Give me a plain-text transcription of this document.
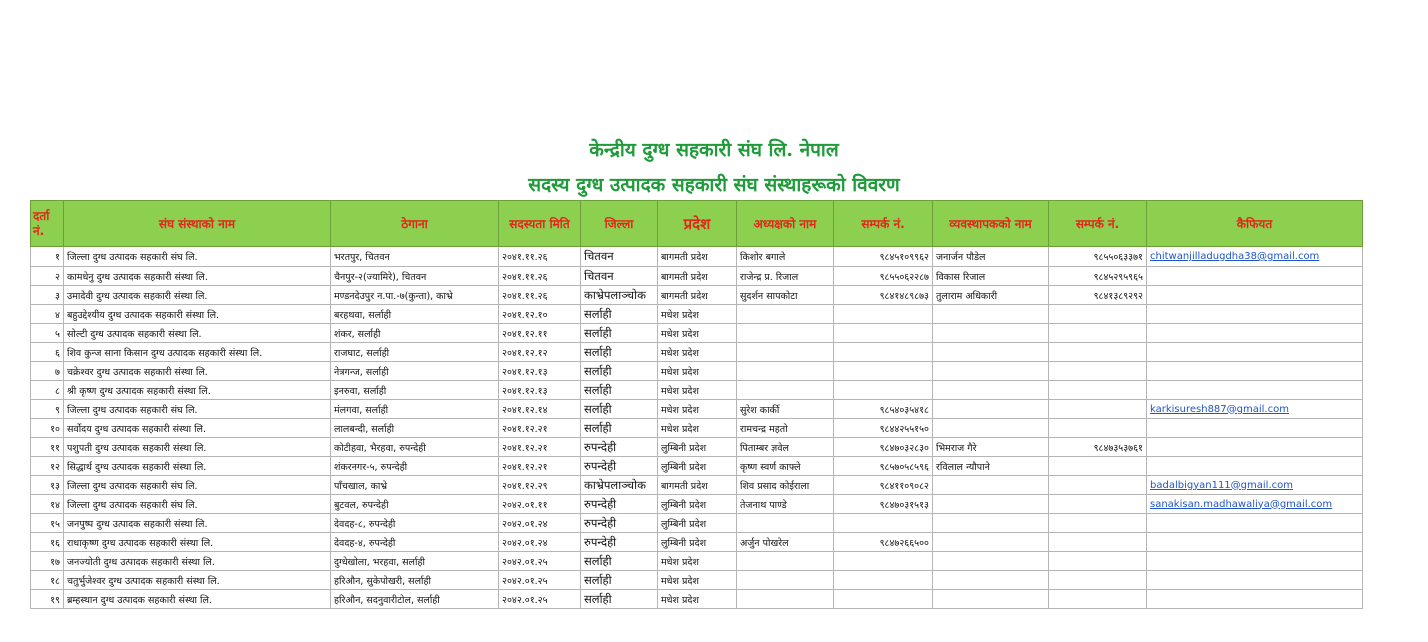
केन्द्रीय दुग्ध सहकारी संघ लि. नेपाल
सदस्य दुग्ध उत्पादक सहकारी संघ संस्थाहरूको विवरण
दर्ता नं.	संघ संस्थाको नाम	ठेगाना	सदस्यता मिति	जिल्ला	प्रदेश	अध्यक्षको नाम	सम्पर्क नं.	व्यवस्थापकको नाम	सम्पर्क नं.	कैफियत
१	जिल्ला दुग्ध उत्पादक सहकारी संघ लि.	भरतपुर, चितवन	२०४१.११.२६	चितवन	बागमती प्रदेश	किशोर बगाले	९८४५१०९९६२	जनार्जन पौडेल	९८५५०६३३७१	chitwanjilladugdha38@gmail.com
२	कामधेनु दुग्ध उत्पादक सहकारी संस्था लि.	चैनपुर-२(ज्यामिरे), चितवन	२०४१.११.२६	चितवन	बागमती प्रदेश	राजेन्द्र प्र. रिजाल	९८५५०६२२८७	विकास रिजाल	९८४५२९५९६५	
३	उमादेवी दुग्ध उत्पादक सहकारी संस्था लि.	मण्डनदेउपुर न.पा.-७(कुन्ता), काभ्रे	२०४१.११.२६	काभ्रेपलाञ्चोक	बागमती प्रदेश	सुदर्शन सापकोटा	९८४१४८९८७३	तुलाराम अधिकारी	९८४१३८९२९२	
४	बहुउद्देश्यीय दुग्ध उत्पादक सहकारी संस्था लि.	बरहथवा, सर्लाही	२०४१.१२.१०	सर्लाही	मधेश प्रदेश					
५	सोल्टी दुग्ध उत्पादक सहकारी संस्था लि.	शंकर, सर्लाही	२०४१.१२.११	सर्लाही	मधेश प्रदेश					
६	शिव कुन्ज साना किसान दुग्ध उत्पादक सहकारी संस्था लि.	राजघाट, सर्लाही	२०४१.१२.१२	सर्लाही	मधेश प्रदेश					
७	चक्रेश्वर दुग्ध उत्पादक सहकारी संस्था लि.	नेत्रगन्ज, सर्लाही	२०४१.१२.१३	सर्लाही	मधेश प्रदेश					
८	श्री कृष्ण दुग्ध उत्पादक सहकारी संस्था लि.	इनरुवा, सर्लाही	२०४१.१२.१३	सर्लाही	मधेश प्रदेश					
९	जिल्ला दुग्ध उत्पादक सहकारी संघ लि.	मंलगवा, सर्लाही	२०४१.१२.१४	सर्लाही	मधेश प्रदेश	सुरेश कार्की	९८५४०३५४१८			karkisuresh887@gmail.com
१०	सर्वोदय दुग्ध उत्पादक सहकारी संस्था लि.	लालबन्दी, सर्लाही	२०४१.१२.२१	सर्लाही	मधेश प्रदेश	रामचन्द्र महतो	९८४४२५५१५०			
११	पशुपती दुग्ध उत्पादक सहकारी संस्था लि.	कोटीहवा, भैरहवा, रुपन्देही	२०४१.१२.२१	रुपन्देही	लुम्बिनी प्रदेश	पिताम्बर ज्ञवेल	९८४७०३२८३०	भिमराज गैरे	९८४७३५३७६१	
१२	सिद्धार्थ दुग्ध उत्पादक सहकारी संस्था लि.	शंकरनगर-५, रुपन्देही	२०४१.१२.२१	रुपन्देही	लुम्बिनी प्रदेश	कृष्ण स्वर्ण काफ्ले	९८५७०५८५९६	रविलाल न्यौपाने		
१३	जिल्ला दुग्ध उत्पादक सहकारी संघ लि.	पाँचखाल, काभ्रे	२०४१.१२.२९	काभ्रेपलाञ्चोक	बागमती प्रदेश	शिव प्रसाद कोईराला	९८४११०९०८२			badalbigyan111@gmail.com
१४	जिल्ला दुग्ध उत्पादक सहकारी संघ लि.	बुटवल, रुपन्देही	२०४२.०१.११	रुपन्देही	लुम्बिनी प्रदेश	तेजनाथ पाण्डे	९८४७०३१५१३			sanakisan.madhawaliya@gmail.com
१५	जनपुष्प दुग्ध उत्पादक सहकारी संस्था लि.	देवदह-८, रुपन्देही	२०४२.०१.२४	रुपन्देही	लुम्बिनी प्रदेश					
१६	राधाकृष्ण दुग्ध उत्पादक सहकारी संस्था लि.	देवदह-४, रुपन्देही	२०४२.०१.२४	रुपन्देही	लुम्बिनी प्रदेश	अर्जुन पोखरेल	९८४७२६६५००			
१७	जनज्योती दुग्ध उत्पादक सहकारी संस्था लि.	दुग्धेखोला, भरहवा, सर्लाही	२०४२.०१.२५	सर्लाही	मधेश प्रदेश					
१८	चतुर्भुजेश्वर दुग्ध उत्पादक सहकारी संस्था लि.	हरिऔन, सुकेपोखरी, सर्लाही	२०४२.०१.२५	सर्लाही	मधेश प्रदेश					
१९	ब्रम्हस्थान दुग्ध उत्पादक सहकारी संस्था लि.	हरिऔन, सदनुवारीटोल, सर्लाही	२०४२.०१.२५	सर्लाही	मधेश प्रदेश					
